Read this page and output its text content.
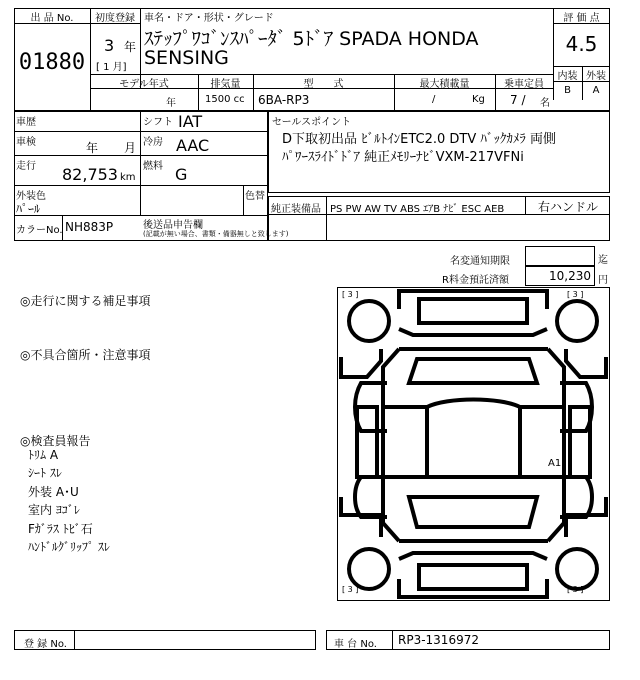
出 品 No.
01880
初度登録
3 年
[ 1 月]
車名・ドア・形状・グレード
ｽﾃｯﾌﾟﾜｺﾞﾝｽﾊﾟｰﾀﾞ 5ﾄﾞｱ SPADA HONDA
SENSING
評 価 点
4.5
内装 外装
B	A
モデル年式
年
排気量
1500 cc
型　　式
6BA-RP3
最大積載量
/	Kg
乗車定員
7 / 名
車歴	シフト IAT
車検	年 月 冷房 AAC
走行 82,753 km
燃料 G
外装色
ﾊﾟｰﾙ
色替
カラーNo. NH883P	後送品申告欄
(記載が無い場合、書類・備器無しと致します)
セールスポイント
D下取初出品 ﾋﾞﾙﾄｲﾝETC2.0 DTV ﾊﾞｯｸｶﾒﾗ 両側
ﾊﾟﾜｰｽﾗｲﾄﾞﾄﾞｱ 純正ﾒﾓﾘｰﾅﾋﾞVXM-217VFNi
純正装備品 PS PW AW TV ABS ｴｱB ﾅﾋﾞ ESC AEB	右ハンドル
名変通知期限	迄
R料金預託済額	10,230 円
◎走行に関する補足事項
◎不具合箇所・注意事項
◎検査員報告
ﾄﾘﾑ A
ｼｰﾄ ｽﾚ
外装 A･U
室内 ﾖｺﾞﾚ
Fｶﾞﾗｽ ﾄﾋﾞ石
ﾊﾝﾄﾞﾙｸﾞﾘｯﾌﾟ ｽﾚ
[ 3 ]	[ 3 ]
[ 3 ]	[ 3 ]
A1
登 録 No.	車 台 No. RP3-1316972
